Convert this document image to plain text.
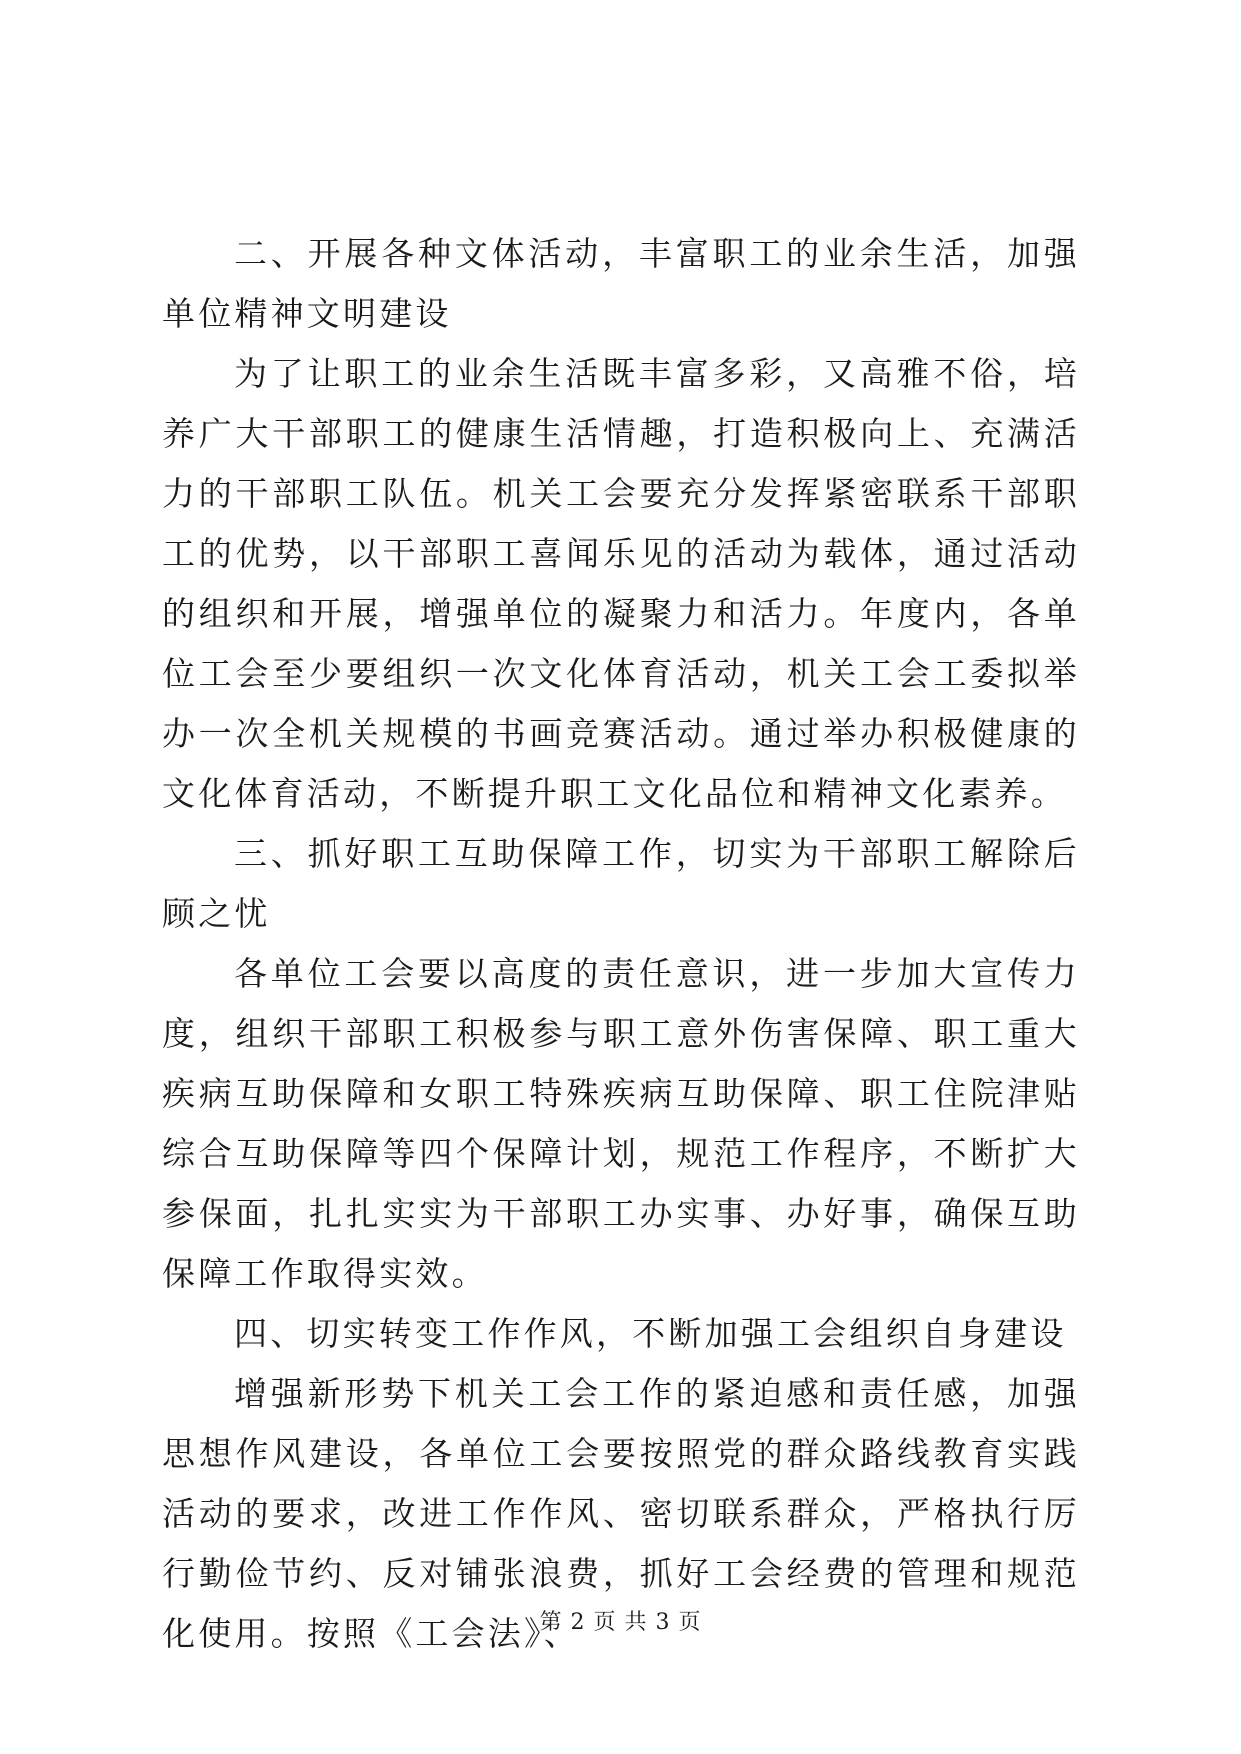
二、开展各种文体活动，丰富职工的业余生活，加强单位精神文明建设

为了让职工的业余生活既丰富多彩，又高雅不俗，培养广大干部职工的健康生活情趣，打造积极向上、充满活力的干部职工队伍。机关工会要充分发挥紧密联系干部职工的优势，以干部职工喜闻乐见的活动为载体，通过活动的组织和开展，增强单位的凝聚力和活力。年度内，各单位工会至少要组织一次文化体育活动，机关工会工委拟举办一次全机关规模的书画竞赛活动。通过举办积极健康的文化体育活动，不断提升职工文化品位和精神文化素养。

三、抓好职工互助保障工作，切实为干部职工解除后顾之忧

各单位工会要以高度的责任意识，进一步加大宣传力度，组织干部职工积极参与职工意外伤害保障、职工重大疾病互助保障和女职工特殊疾病互助保障、职工住院津贴综合互助保障等四个保障计划，规范工作程序，不断扩大参保面，扎扎实实为干部职工办实事、办好事，确保互助保障工作取得实效。

四、切实转变工作作风，不断加强工会组织自身建设

增强新形势下机关工会工作的紧迫感和责任感，加强思想作风建设，各单位工会要按照党的群众路线教育实践活动的要求，改进工作作风、密切联系群众，严格执行厉行勤俭节约、反对铺张浪费，抓好工会经费的管理和规范化使用。按照《工会法》、

第 2 页 共 3 页
